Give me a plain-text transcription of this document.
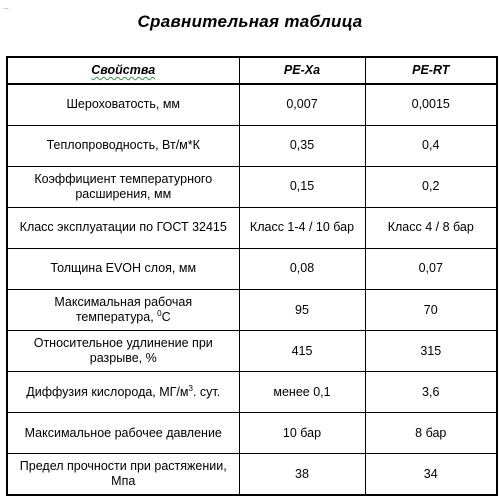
...
Сравнительная таблица
Свойства	PE-Xa	PE-RT
Шероховатость, мм	0,007	0,0015
Теплопроводность, Вт/м*К	0,35	0,4
Коэффициент температурного
расширения, мм	0,15	0,2
Класс эксплуатации по ГОСТ 32415	Класс 1-4 / 10 бар	Класс 4 / 8 бар
Толщина EVOH слоя, мм	0,08	0,07
Максимальная рабочая
температура, $^0$C	95	70
Относительное удлинение при
разрыве, %	415	315
Диффузия кислорода, $МГ/м^3$. сут.	менее 0,1	3,6
Максимальное рабочее давление	10 бар	8 бар
Предел прочности при растяжении,
Мпа	38	34
